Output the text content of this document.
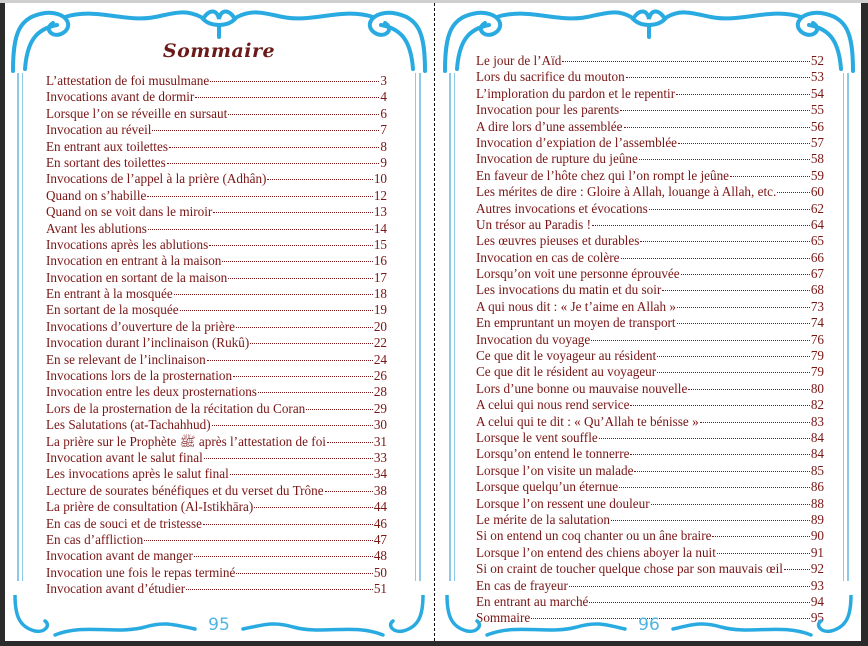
Sommaire
L’attestation de foi musulmane	3
Invocations avant de dormir	4
Lorsque l’on se réveille en sursaut	6
Invocation au réveil	7
En entrant aux toilettes	8
En sortant des toilettes	9
Invocations de l’appel à la prière (Adhân)	10
Quand on s’habille	12
Quand on se voit dans le miroir	13
Avant les ablutions	14
Invocations après les ablutions	15
Invocation en entrant à la maison	16
Invocation en sortant de la maison	17
En entrant à la mosquée	18
En sortant de la mosquée	19
Invocations d’ouverture de la prière	20
Invocation durant l’inclinaison (Rukû)	22
En se relevant de l’inclinaison	24
Invocations lors de la prosternation	26
Invocation entre les deux prosternations	28
Lors de la prosternation de la récitation du Coran	29
Les Salutations (at-Tachahhud)	30
La prière sur le Prophète ﷺ après l’attestation de foi	31
Invocation avant le salut final	33
Les invocations après le salut final	34
Lecture de sourates bénéfiques et du verset du Trône	38
La prière de consultation (Al-Istikhāra)	44
En cas de souci et de tristesse	46
En cas d’affliction	47
Invocation avant de manger	48
Invocation une fois le repas terminé	50
Invocation avant d’étudier	51
95
Le jour de l’Aïd	52
Lors du sacrifice du mouton	53
L’imploration du pardon et le repentir	54
Invocation pour les parents	55
A dire lors d’une assemblée	56
Invocation d’expiation de l’assemblée	57
Invocation de rupture du jeûne	58
En faveur de l’hôte chez qui l’on rompt le jeûne	59
Les mérites de dire : Gloire à Allah, louange à Allah, etc.	60
Autres invocations et évocations	62
Un trésor au Paradis !	64
Les œuvres pieuses et durables	65
Invocation en cas de colère	66
Lorsqu’on voit une personne éprouvée	67
Les invocations du matin et du soir	68
A qui nous dit : « Je t’aime en Allah »	73
En empruntant un moyen de transport	74
Invocation du voyage	76
Ce que dit le voyageur au résident	79
Ce que dit le résident au voyageur	79
Lors d’une bonne ou mauvaise nouvelle	80
A celui qui nous rend service	82
A celui qui te dit : « Qu’Allah te bénisse »	83
Lorsque le vent souffle	84
Lorsqu’on entend le tonnerre	84
Lorsque l’on visite un malade	85
Lorsque quelqu’un éternue	86
Lorsque l’on ressent une douleur	88
Le mérite de la salutation	89
Si on entend un coq chanter ou un âne braire	90
Lorsque l’on entend des chiens aboyer la nuit	91
Si on craint de toucher quelque chose par son mauvais œil 92
En cas de frayeur	93
En entrant au marché	94
Sommaire	95
96
